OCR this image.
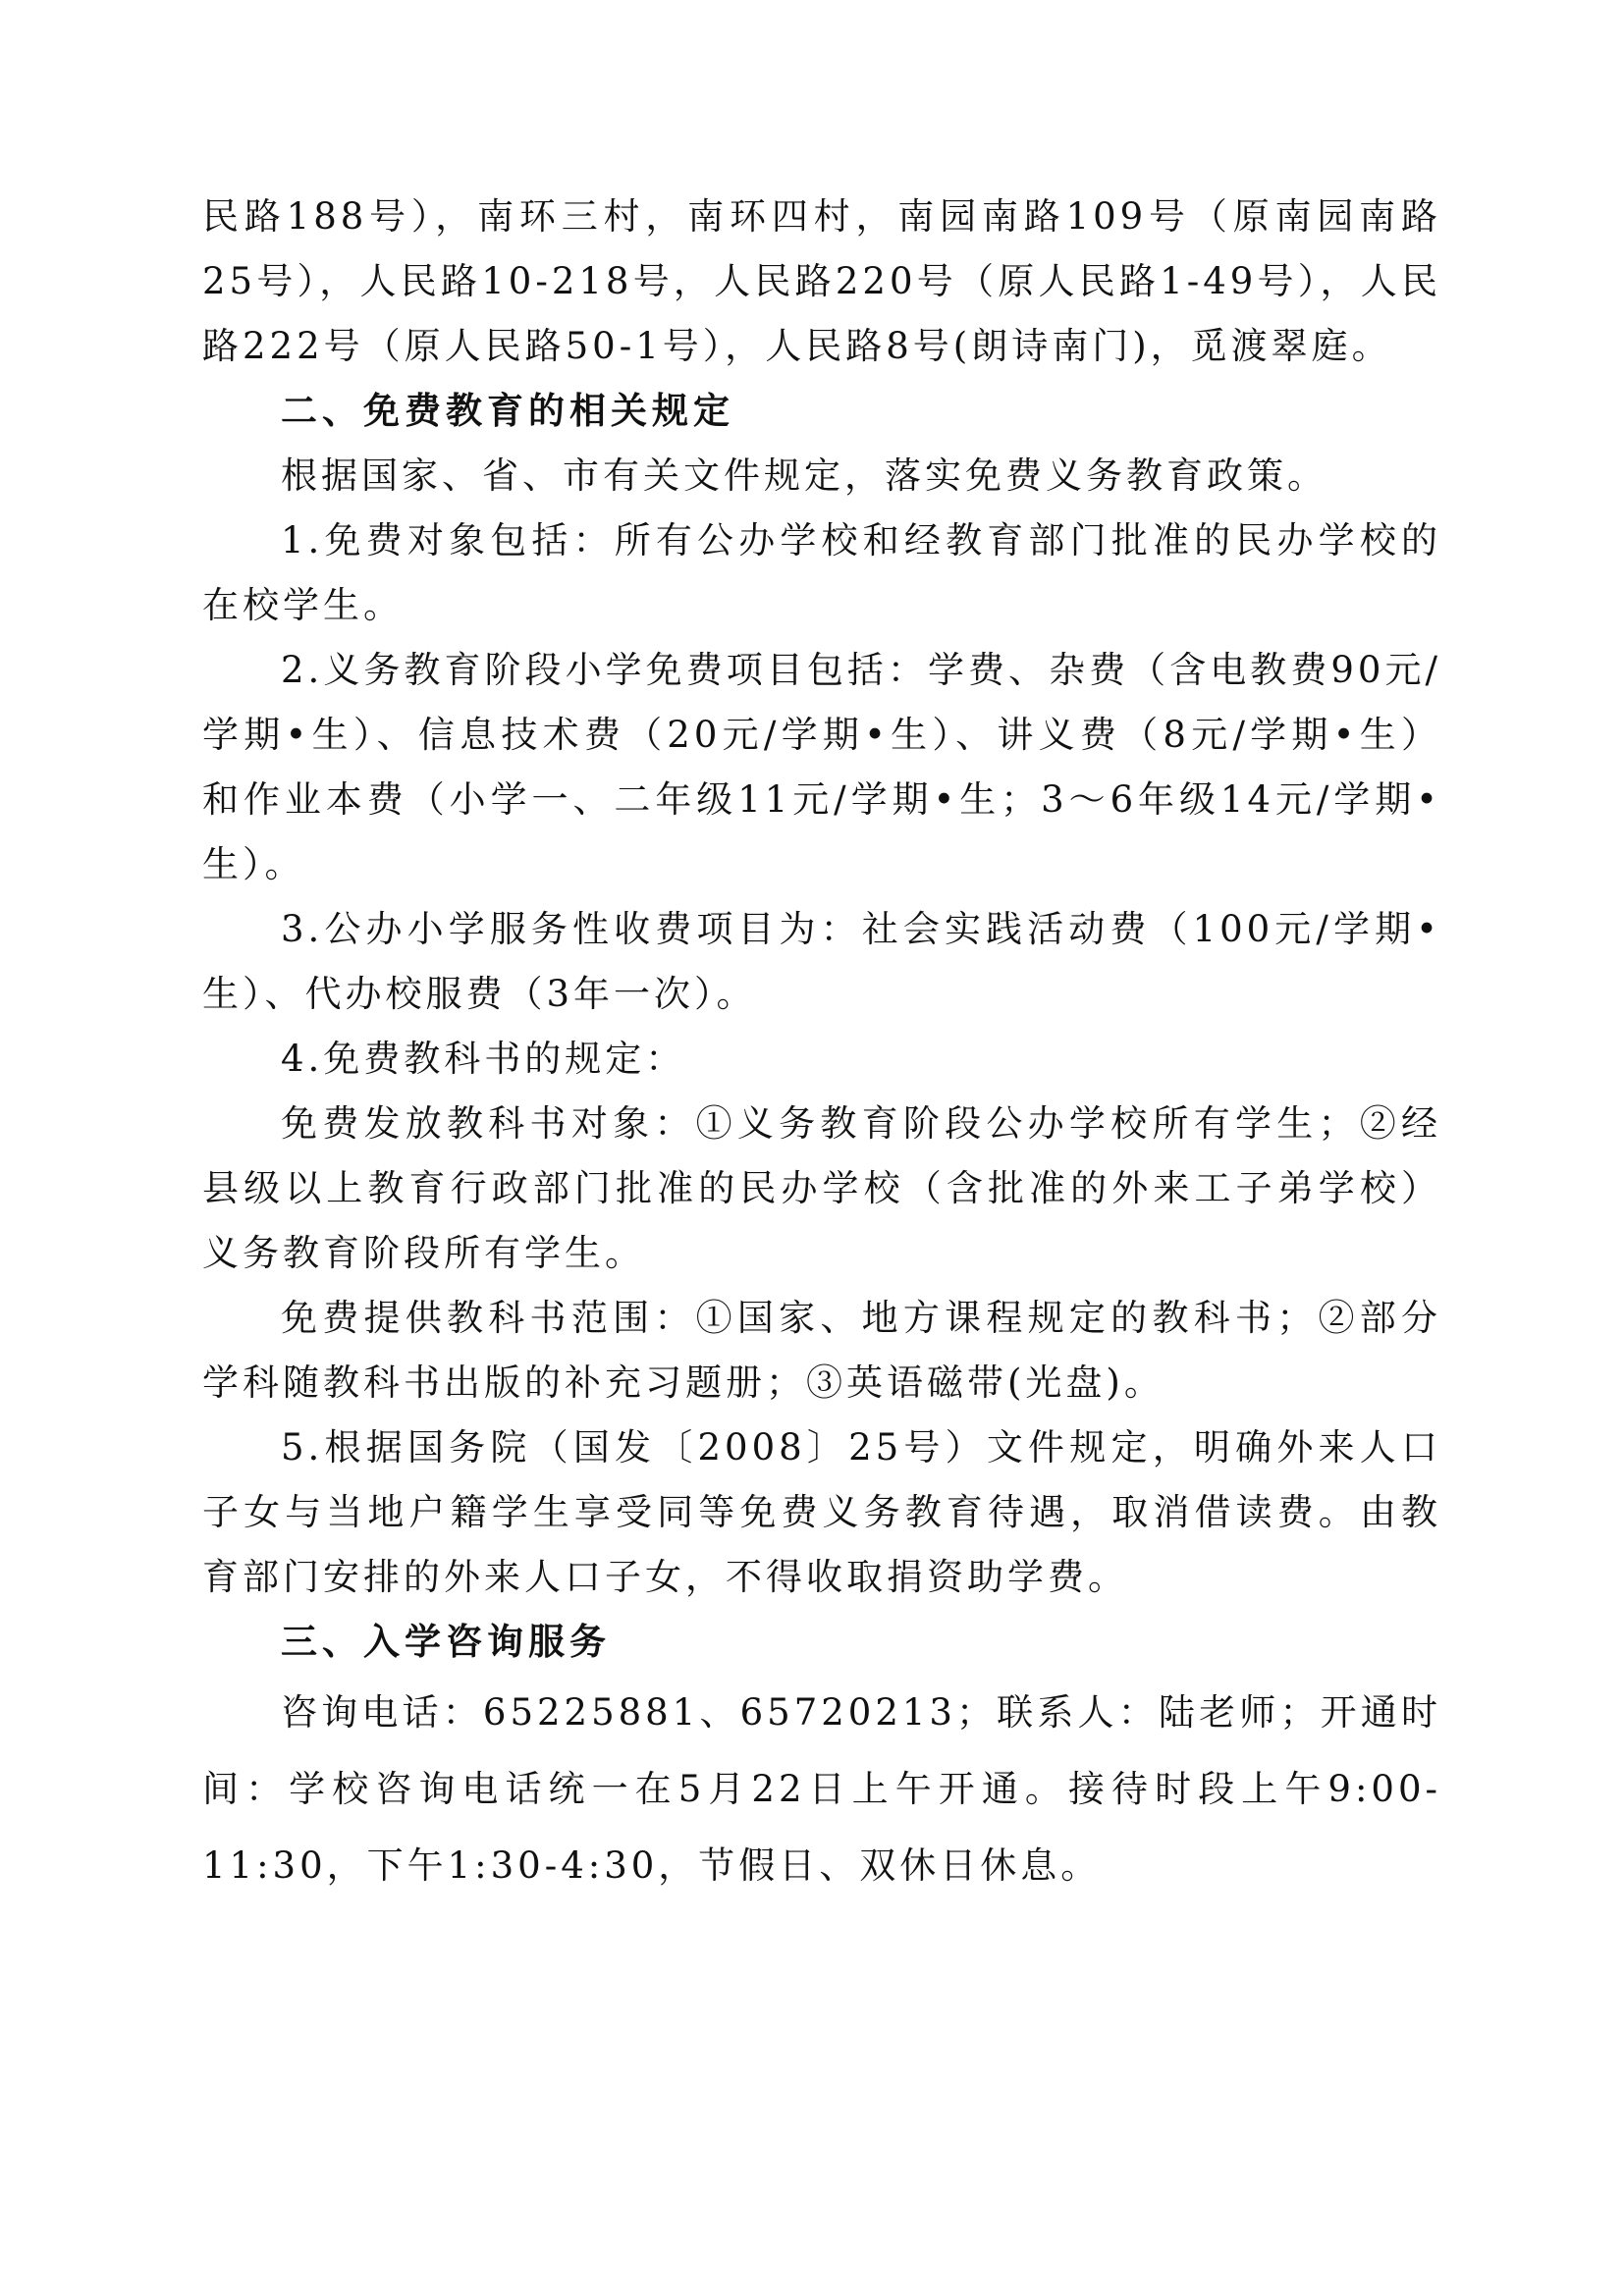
民路188号），南环三村，南环四村，南园南路109号（原南园南路25号），人民路10-218号，人民路220号（原人民路1-49号），人民路222号（原人民路50-1号），人民路8号(朗诗南门)，觅渡翠庭。

二、免费教育的相关规定

根据国家、省、市有关文件规定，落实免费义务教育政策。

1.免费对象包括：所有公办学校和经教育部门批准的民办学校的在校学生。

2.义务教育阶段小学免费项目包括：学费、杂费（含电教费90元/学期•生）、信息技术费（20元/学期•生）、讲义费（8元/学期•生）和作业本费（小学一、二年级11元/学期•生；3～6年级14元/学期•生）。

3.公办小学服务性收费项目为：社会实践活动费（100元/学期•生）、代办校服费（3年一次）。

4.免费教科书的规定：

免费发放教科书对象：①义务教育阶段公办学校所有学生；②经县级以上教育行政部门批准的民办学校（含批准的外来工子弟学校）义务教育阶段所有学生。

免费提供教科书范围：①国家、地方课程规定的教科书；②部分学科随教科书出版的补充习题册；③英语磁带(光盘)。

5.根据国务院（国发〔2008〕25号）文件规定，明确外来人口子女与当地户籍学生享受同等免费义务教育待遇，取消借读费。由教育部门安排的外来人口子女，不得收取捐资助学费。

三、入学咨询服务

咨询电话：65225881、65720213；联系人：陆老师；开通时间：学校咨询电话统一在5月22日上午开通。接待时段上午9:00-11:30，下午1:30-4:30，节假日、双休日休息。
